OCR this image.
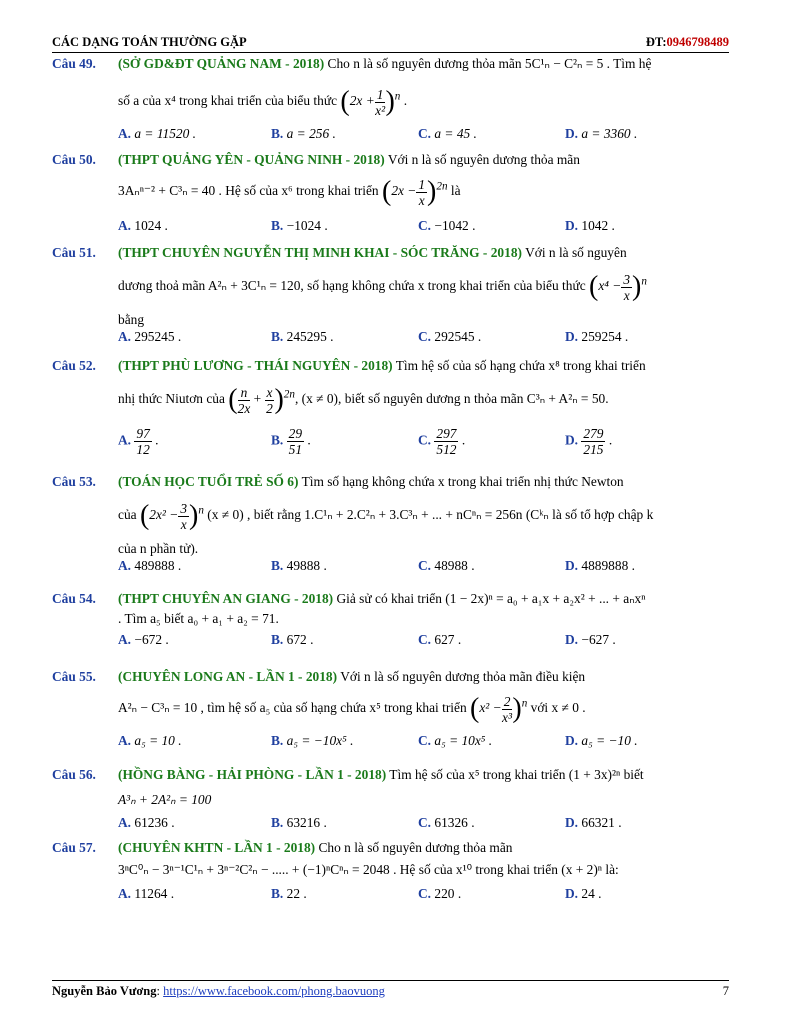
CÁC DẠNG TOÁN THƯỜNG GẶP	ĐT:0946798489
Câu 49. (SỞ GD&ĐT QUẢNG NAM - 2018) Cho n là số nguyên dương thỏa mãn 5C¹ₙ − C²ₙ = 5 . Tìm hệ
số a của x⁴ trong khai triển của biểu thức $(2x + \frac{1}{\text{x²}} )^n$ .
A. a = 11520 .	B. a = 256 .	C. a = 45 .	D. a = 3360 .
Câu 50. (THPT QUẢNG YÊN - QUẢNG NINH - 2018) Với n là số nguyên dương thỏa mãn
3Aₙⁿ⁻² + C³ₙ = 40 . Hệ số của x⁶ trong khai triển $(2x - \frac{1}{x} )^{2n}$ là
A. 1024 .	B. −1024 .	C. −1042 .	D. 1042 .
Câu 51. (THPT CHUYÊN NGUYỄN THỊ MINH KHAI - SÓC TRĂNG - 2018) Với n là số nguyên
dương thoả mãn A²ₙ + 3C¹ₙ = 120, số hạng không chứa x trong khai triển của biểu thức $(x^4 - \frac{3}{x} )^n$
bằng
A. 295245 .	B. 245295 .	C. 292545 .	D. 259254 .
Câu 52. (THPT PHÙ LƯƠNG - THÁI NGUYÊN - 2018) Tìm hệ số của số hạng chứa x⁸ trong khai triển
nhị thức Niutơn của ( $\frac{n}{2x} + \frac{x}{2} )^{2n}$, (x ≠ 0), biết số nguyên dương n thỏa mãn C³ₙ + A²ₙ = 50.
A. $\frac{97}{12}$ .	B. $\frac{29}{51}$ .	C. $\frac{297}{512}$ .	D. $\frac{279}{215}$ .
Câu 53. (TOÁN HỌC TUỔI TRẺ SỐ 6) Tìm số hạng không chứa x trong khai triển nhị thức Newton
của $(2x^2 - \frac{3}{x} )^n$ (x ≠ 0) , biết rằng 1.C¹ₙ + 2.C²ₙ + 3.C³ₙ + ... + nCⁿₙ = 256n (Cᵏₙ là số tổ hợp chập k
của n phần tử).
A. 489888 .	B. 49888 .	C. 48988 .	D. 4889888 .
Câu 54. (THPT CHUYÊN AN GIANG - 2018) Giả sử có khai triển (1 − 2x)ⁿ = a₀ + a₁x + a₂x² + ... + aₙxⁿ
. Tìm a₅ biết a₀ + a₁ + a₂ = 71.
A. −672 .	B. 672 .	C. 627 .	D. −627 .
Câu 55. (CHUYÊN LONG AN - LẦN 1 - 2018) Với n là số nguyên dương thỏa mãn điều kiện
A²ₙ − C³ₙ = 10 , tìm hệ số a₅ của số hạng chứa x⁵ trong khai triển $(x^2 - \frac{2}{\text{x³}} )^n$ với x ≠ 0 .
A. a₅ = 10 .	B. a₅ = −10x⁵ .	C. a₅ = 10x⁵ .	D. a₅ = −10 .
Câu 56. (HỒNG BÀNG - HẢI PHÒNG - LẦN 1 - 2018) Tìm hệ số của x⁵ trong khai triển (1 + 3x)²ⁿ biết
A³ₙ + 2A²ₙ = 100
A. 61236 .	B. 63216 .	C. 61326 .	D. 66321 .
Câu 57. (CHUYÊN KHTN - LẦN 1 - 2018) Cho n là số nguyên dương thỏa mãn
3ⁿC⁰ₙ − 3ⁿ⁻¹C¹ₙ + 3ⁿ⁻²C²ₙ − ..... + (−1)ⁿCⁿₙ = 2048 . Hệ số của x¹⁰ trong khai triển (x + 2)ⁿ là:
A. 11264 .	B. 22 .	C. 220 .	D. 24 .
Nguyễn Bảo Vương: https://www.facebook.com/phong.baovuong	7
